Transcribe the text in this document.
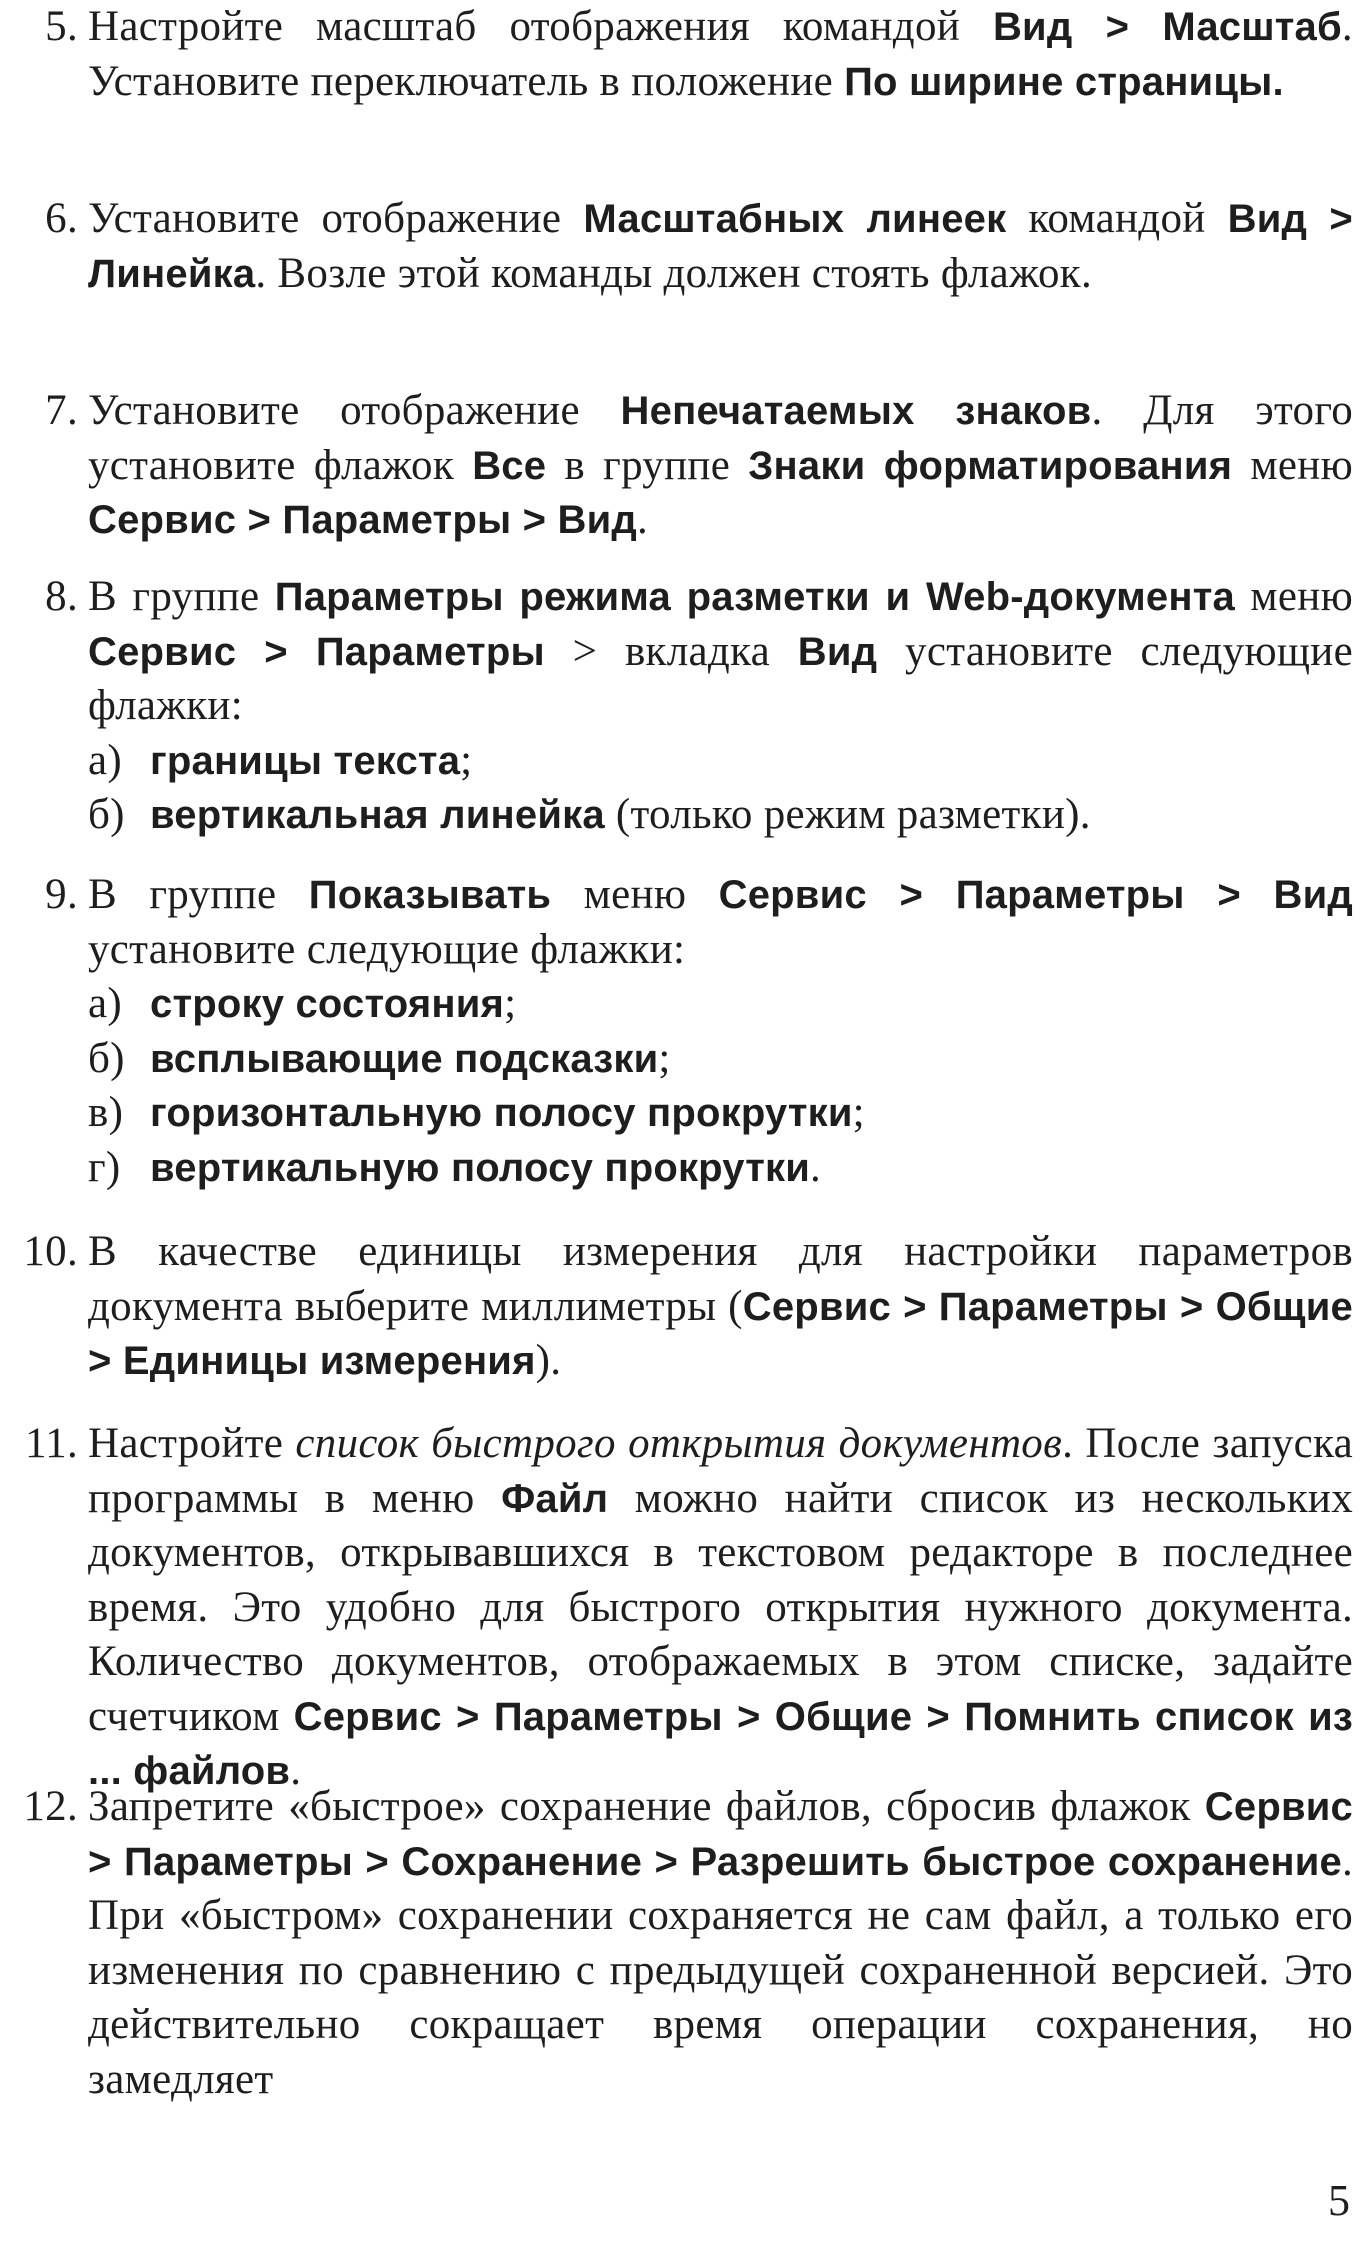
5. Настройте масштаб отображения командой Вид > Масштаб. Установите переключатель в положение По ширине страницы.

6. Установите отображение Масштабных линеек командой Вид > Линейка. Возле этой команды должен стоять флажок.

7. Установите отображение Непечатаемых знаков. Для этого установите флажок Все в группе Знаки форматирования меню Сервис > Параметры > Вид.

8. В группе Параметры режима разметки и Web-документа меню Сервис > Параметры > вкладка Вид установите следующие флажки:

а) границы текста;

б) вертикальная линейка (только режим разметки).

9. В группе Показывать меню Сервис > Параметры > Вид установите следующие флажки:

а) строку состояния;

б) всплывающие подсказки;

в) горизонтальную полосу прокрутки;

г) вертикальную полосу прокрутки.

10. В качестве единицы измерения для настройки параметров документа выберите миллиметры (Сервис > Параметры > Общие > Единицы измерения).

11. Настройте список быстрого открытия документов. После запуска программы в меню Файл можно найти список из нескольких документов, открывавшихся в текстовом редакторе в последнее время. Это удобно для быстрого открытия нужного документа. Количество документов, отображаемых в этом списке, задайте счетчиком Сервис > Параметры > Общие > Помнить список из ... файлов.

12. Запретите «быстрое» сохранение файлов, сбросив флажок Сервис > Параметры > Сохранение > Разрешить быстрое сохранение. При «быстром» сохранении сохраняется не сам файл, а только его изменения по сравнению с предыдущей сохраненной версией. Это действительно сокращает время операции сохранения, но замедляет

5
